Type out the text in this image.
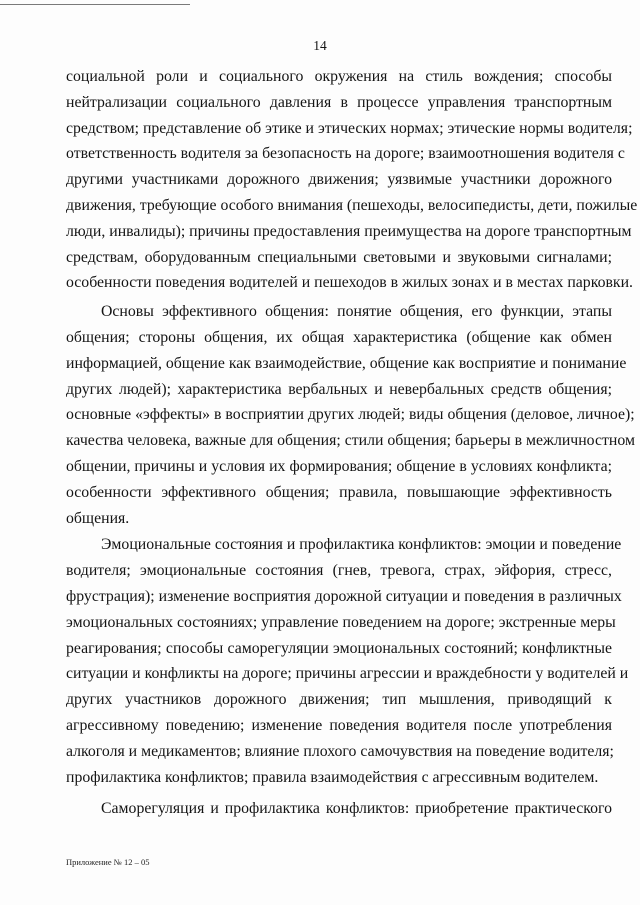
14
социальной роли и социального окружения на стиль вождения; способы
нейтрализации социального давления в процессе управления транспортным
средством; представление об этике и этических нормах; этические нормы водителя;
ответственность водителя за безопасность на дороге; взаимоотношения водителя с
другими участниками дорожного движения; уязвимые участники дорожного
движения, требующие особого внимания (пешеходы, велосипедисты, дети, пожилые
люди, инвалиды); причины предоставления преимущества на дороге транспортным
средствам, оборудованным специальными световыми и звуковыми сигналами;
особенности поведения водителей и пешеходов в жилых зонах и в местах парковки.
Основы эффективного общения: понятие общения, его функции, этапы
общения; стороны общения, их общая характеристика (общение как обмен
информацией, общение как взаимодействие, общение как восприятие и понимание
других людей); характеристика вербальных и невербальных средств общения;
основные «эффекты» в восприятии других людей; виды общения (деловое, личное);
качества человека, важные для общения; стили общения; барьеры в межличностном
общении, причины и условия их формирования; общение в условиях конфликта;
особенности эффективного общения; правила, повышающие эффективность
общения.
Эмоциональные состояния и профилактика конфликтов: эмоции и поведение
водителя; эмоциональные состояния (гнев, тревога, страх, эйфория, стресс,
фрустрация); изменение восприятия дорожной ситуации и поведения в различных
эмоциональных состояниях; управление поведением на дороге; экстренные меры
реагирования; способы саморегуляции эмоциональных состояний; конфликтные
ситуации и конфликты на дороге; причины агрессии и враждебности у водителей и
других участников дорожного движения; тип мышления, приводящий к
агрессивному поведению; изменение поведения водителя после употребления
алкоголя и медикаментов; влияние плохого самочувствия на поведение водителя;
профилактика конфликтов; правила взаимодействия с агрессивным водителем.
Саморегуляция и профилактика конфликтов: приобретение практического
Приложение № 12 – 05
